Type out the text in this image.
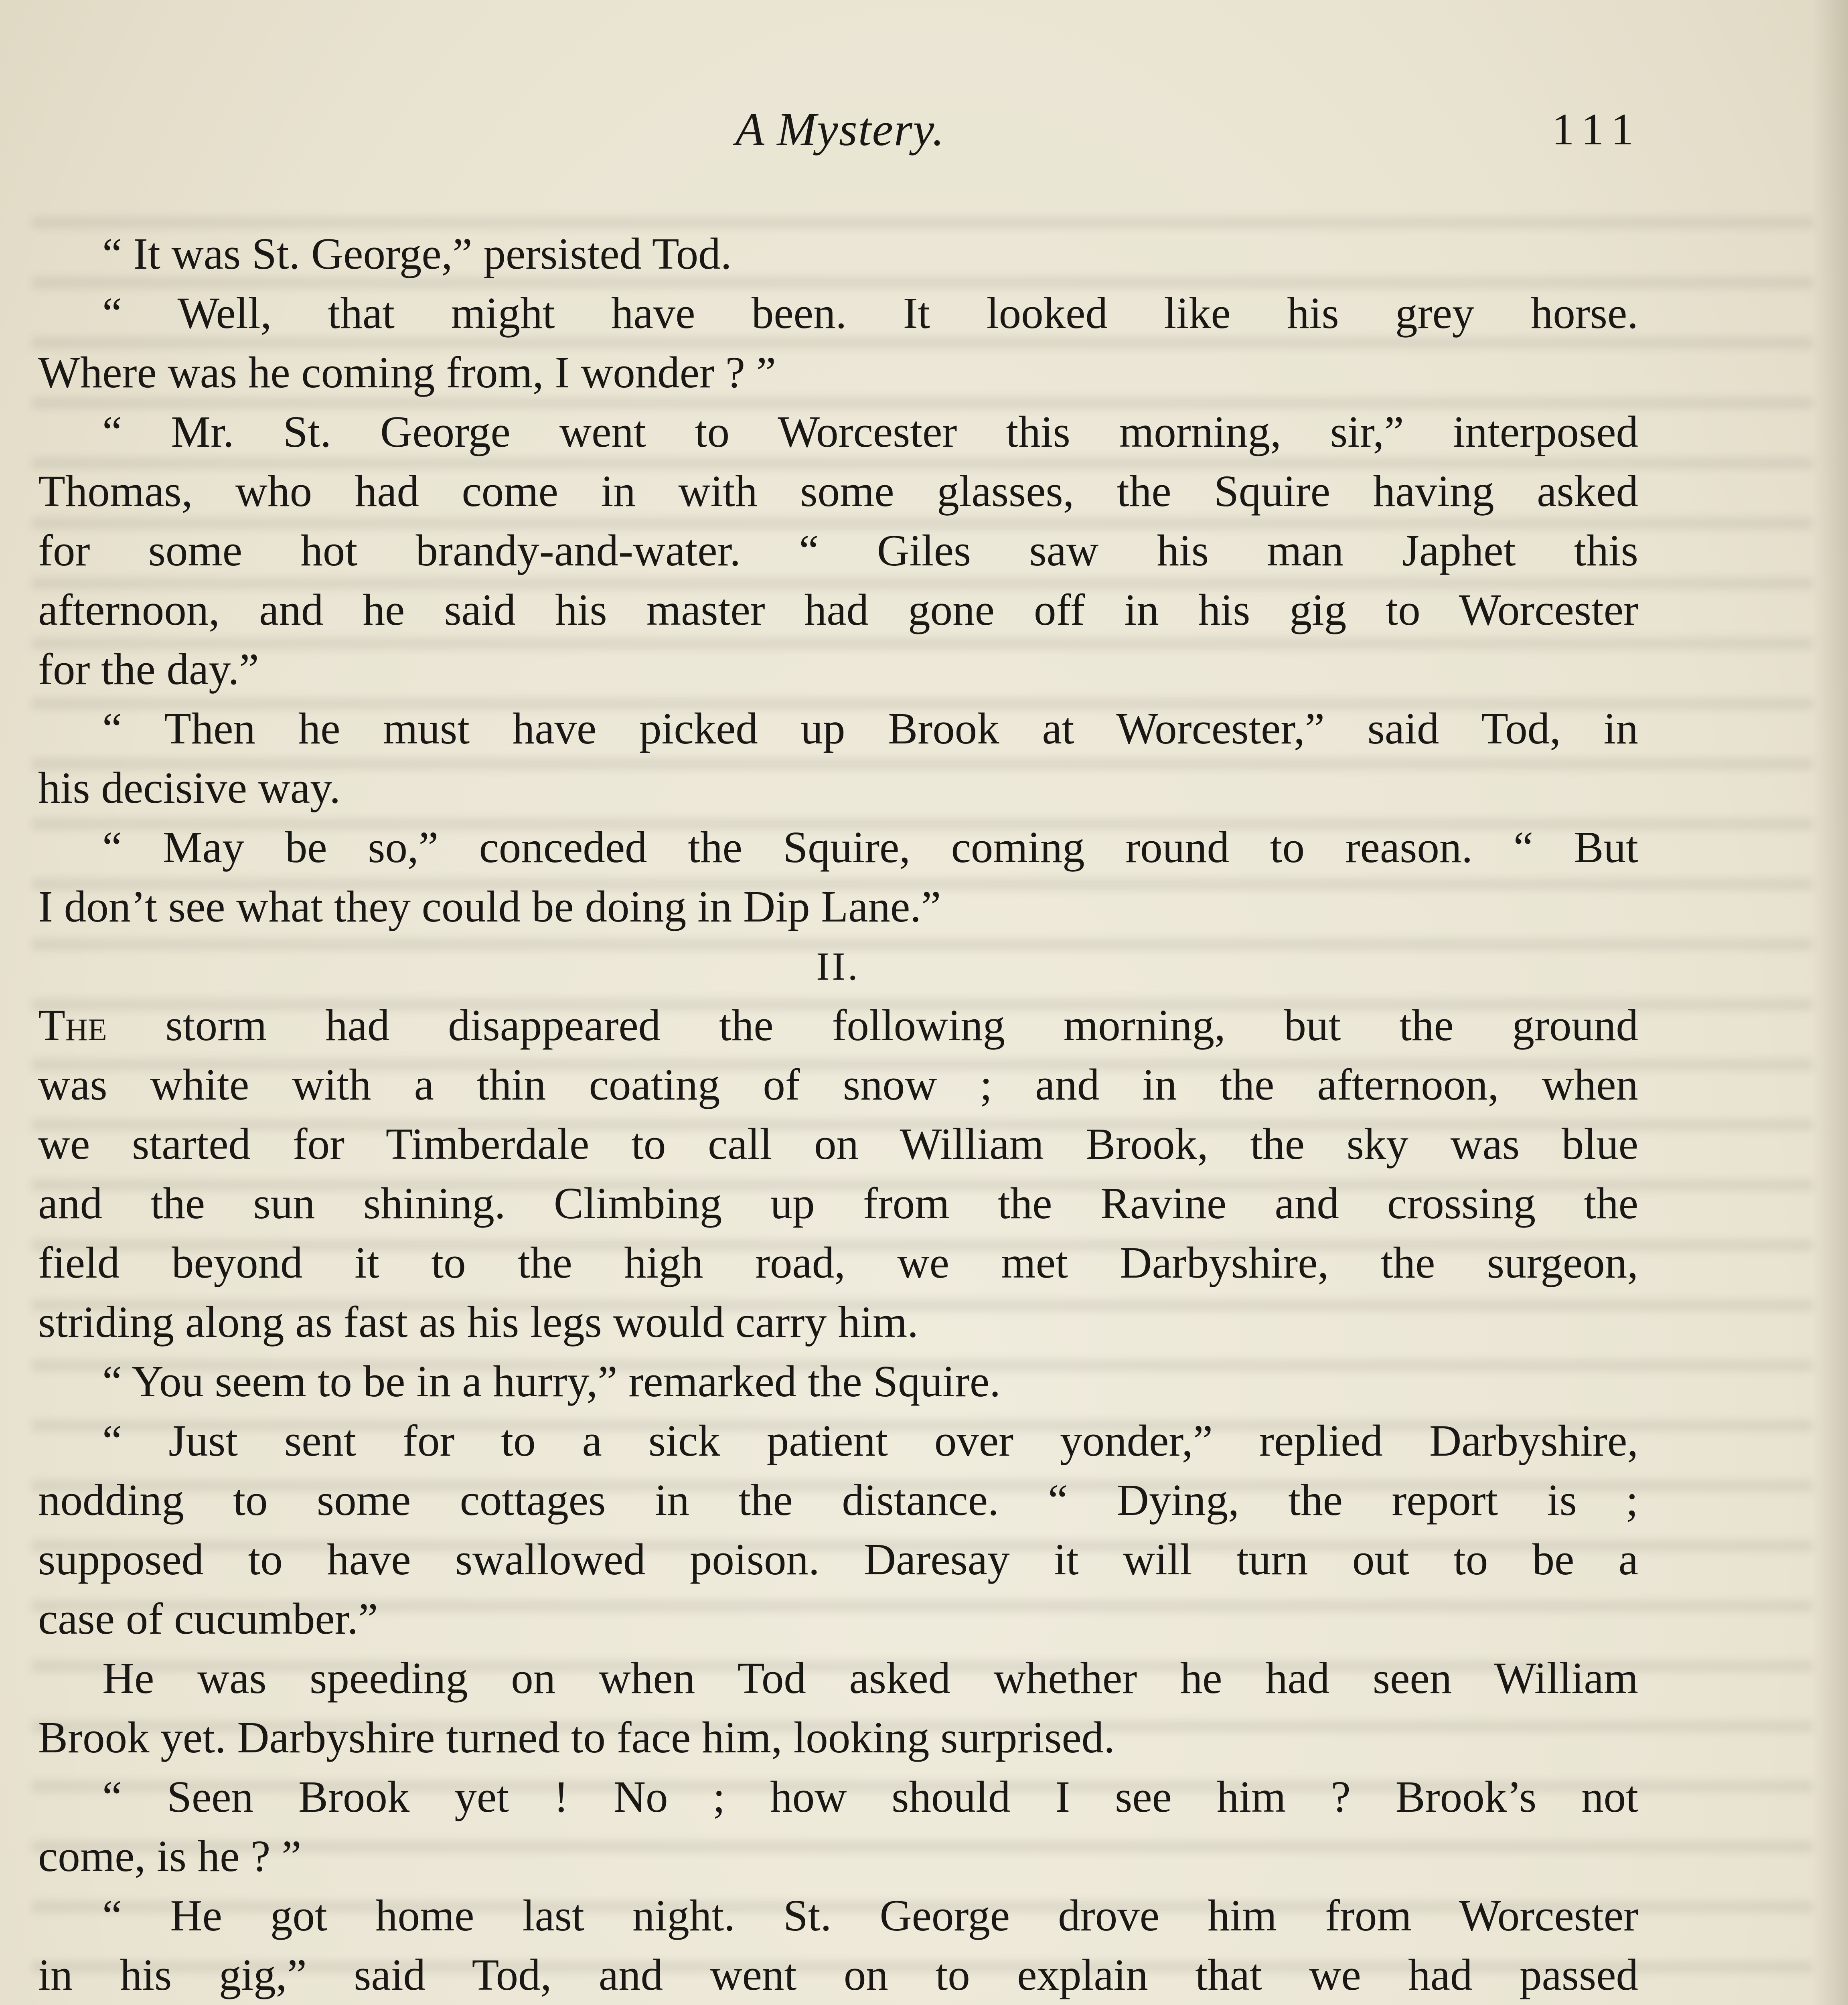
A Mystery.	111
“ It was St. George,” persisted Tod.
“ Well, that might have been. It looked like his grey horse.
Where was he coming from, I wonder ? ”
“ Mr. St. George went to Worcester this morning, sir,” interposed
Thomas, who had come in with some glasses, the Squire having asked
for some hot brandy-and-water. “ Giles saw his man Japhet this
afternoon, and he said his master had gone off in his gig to Worcester
for the day.”
“ Then he must have picked up Brook at Worcester,” said Tod, in
his decisive way.
“ May be so,” conceded the Squire, coming round to reason. “ But
I don’t see what they could be doing in Dip Lane.”
II.
The storm had disappeared the following morning, but the ground
was white with a thin coating of snow ; and in the afternoon, when
we started for Timberdale to call on William Brook, the sky was blue
and the sun shining. Climbing up from the Ravine and crossing the
field beyond it to the high road, we met Darbyshire, the surgeon,
striding along as fast as his legs would carry him.
“ You seem to be in a hurry,” remarked the Squire.
“ Just sent for to a sick patient over yonder,” replied Darbyshire,
nodding to some cottages in the distance. “ Dying, the report is ;
supposed to have swallowed poison. Daresay it will turn out to be a
case of cucumber.”
He was speeding on when Tod asked whether he had seen William
Brook yet. Darbyshire turned to face him, looking surprised.
“ Seen Brook yet ! No ; how should I see him ? Brook’s not
come, is he ? ”
“ He got home last night. St. George drove him from Worcester
in his gig,” said Tod, and went on to explain that we had passed
